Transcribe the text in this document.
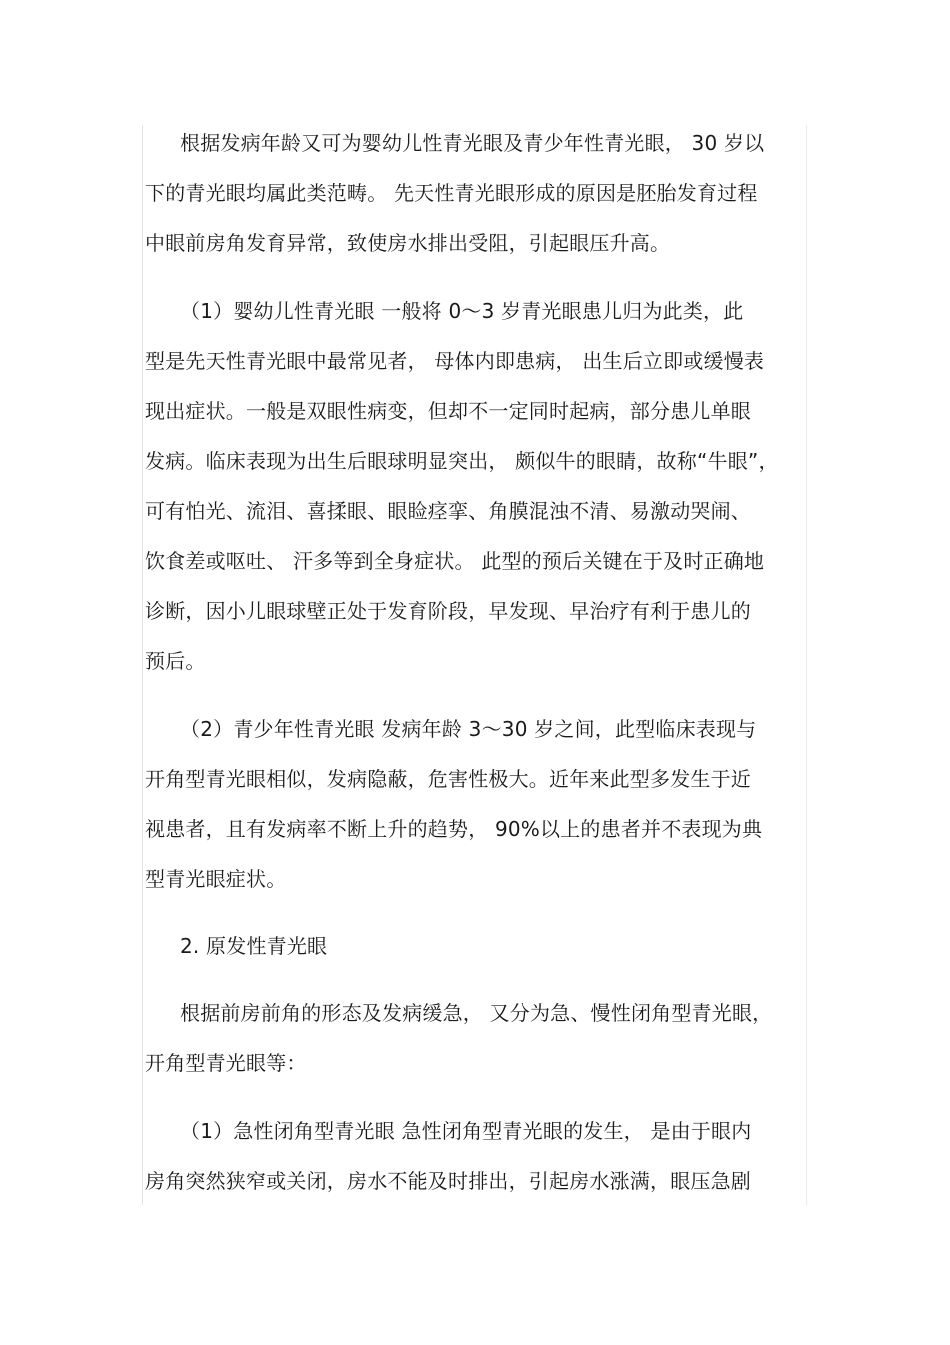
根据发病年龄又可为婴幼儿性青光眼及青少年性青光眼， 30 岁以
下的青光眼均属此类范畴。 先天性青光眼形成的原因是胚胎发育过程
中眼前房角发育异常，致使房水排出受阻，引起眼压升高。
（1）婴幼儿性青光眼 一般将 0～3 岁青光眼患儿归为此类，此
型是先天性青光眼中最常见者， 母体内即患病， 出生后立即或缓慢表
现出症状。一般是双眼性病变，但却不一定同时起病，部分患儿单眼
发病。临床表现为出生后眼球明显突出， 颇似牛的眼睛，故称“牛眼”，
可有怕光、流泪、喜揉眼、眼睑痉挛、角膜混浊不清、易激动哭闹、
饮食差或呕吐、 汗多等到全身症状。 此型的预后关键在于及时正确地
诊断，因小儿眼球壁正处于发育阶段，早发现、早治疗有利于患儿的
预后。
（2）青少年性青光眼 发病年龄 3～30 岁之间，此型临床表现与
开角型青光眼相似，发病隐蔽，危害性极大。近年来此型多发生于近
视患者，且有发病率不断上升的趋势， 90%以上的患者并不表现为典
型青光眼症状。
2. 原发性青光眼
根据前房前角的形态及发病缓急， 又分为急、慢性闭角型青光眼，
开角型青光眼等：
（1）急性闭角型青光眼 急性闭角型青光眼的发生， 是由于眼内
房角突然狭窄或关闭，房水不能及时排出，引起房水涨满，眼压急剧
